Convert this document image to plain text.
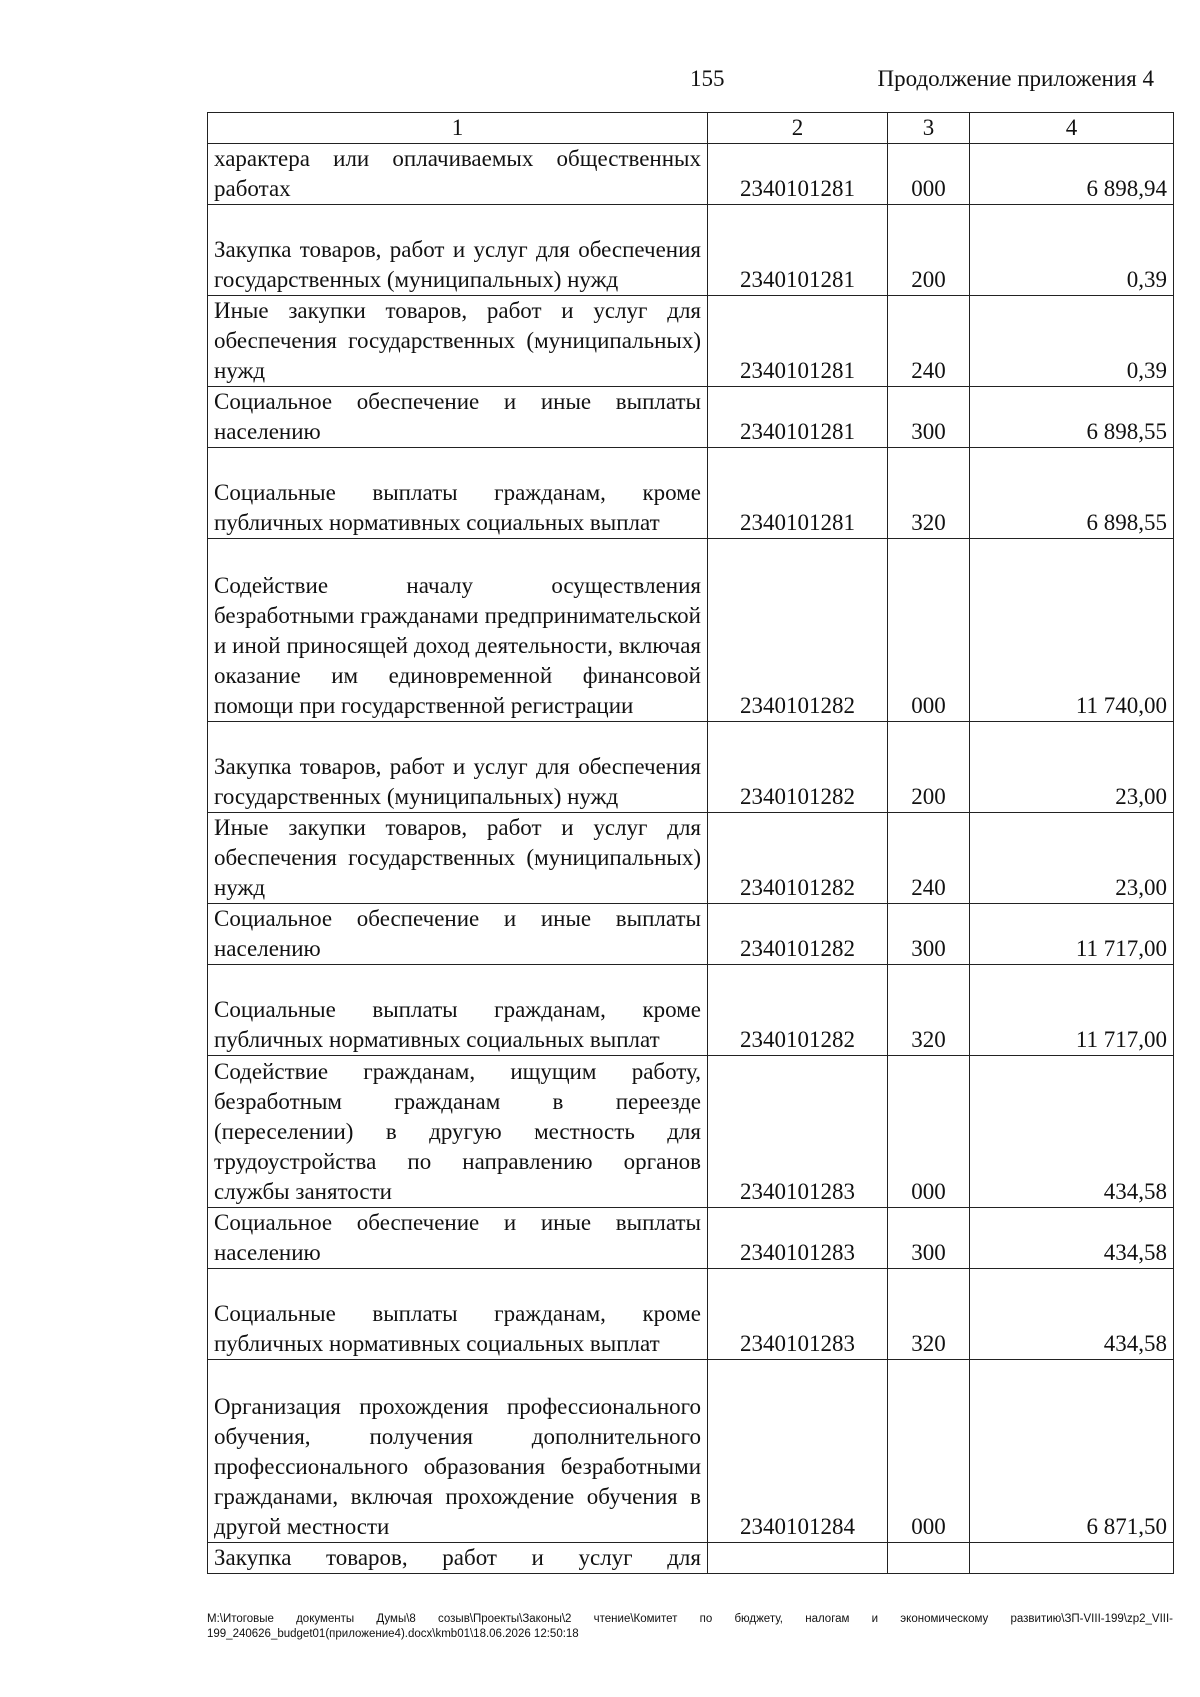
155	Продолжение приложения 4
1	2	3	4
характера или оплачиваемых общественных работах	2340101281	000	6 898,94
Закупка товаров, работ и услуг для обеспечения государственных (муниципальных) нужд	2340101281	200	0,39
Иные закупки товаров, работ и услуг для обеспечения государственных (муниципальных) нужд	2340101281	240	0,39
Социальное обеспечение и иные выплаты населению	2340101281	300	6 898,55
Социальные выплаты гражданам, кроме публичных нормативных социальных выплат	2340101281	320	6 898,55
Содействие началу осуществления безработными гражданами предпринимательской и иной приносящей доход деятельности, включая оказание им единовременной финансовой помощи при государственной регистрации	2340101282	000	11 740,00
Закупка товаров, работ и услуг для обеспечения государственных (муниципальных) нужд	2340101282	200	23,00
Иные закупки товаров, работ и услуг для обеспечения государственных (муниципальных) нужд	2340101282	240	23,00
Социальное обеспечение и иные выплаты населению	2340101282	300	11 717,00
Социальные выплаты гражданам, кроме публичных нормативных социальных выплат	2340101282	320	11 717,00
Содействие гражданам, ищущим работу, безработным гражданам в переезде (переселении) в другую местность для трудоустройства по направлению органов службы занятости	2340101283	000	434,58
Социальное обеспечение и иные выплаты населению	2340101283	300	434,58
Социальные выплаты гражданам, кроме публичных нормативных социальных выплат	2340101283	320	434,58
Организация прохождения профессионального обучения, получения дополнительного профессионального образования безработными гражданами, включая прохождение обучения в другой местности	2340101284	000	6 871,50
Закупка товаров, работ и услуг для			
M:\Итоговые документы Думы\8 созыв\Проекты\Законы\2 чтение\Комитет по бюджету, налогам и экономическому развитию\ЗП-VIII-199\zp2_VIII-199_240626_budget01(приложение4).docx\kmb01\18.06.2026 12:50:18
